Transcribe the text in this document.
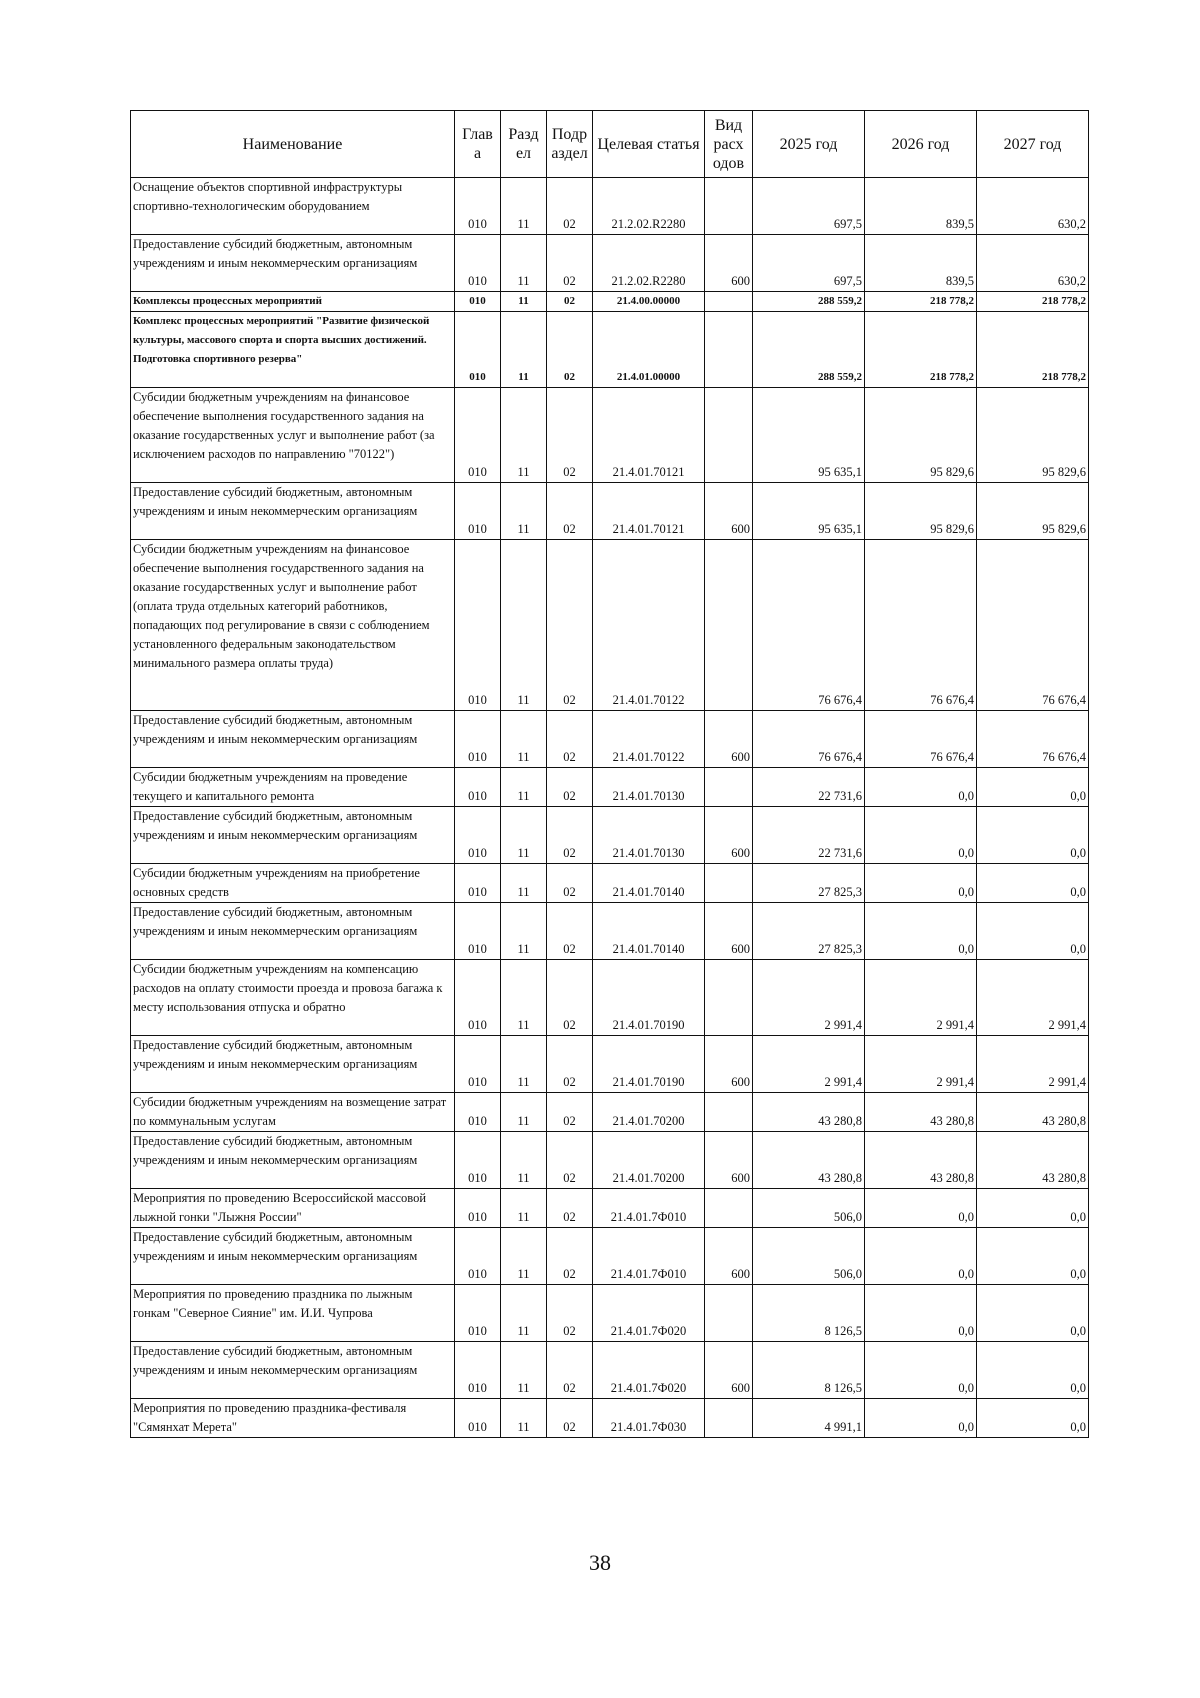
Наименование	Глав а	Разд ел	Подр аздел	Целевая статья	Вид расх одов	2025 год	2026 год	2027 год
Оснащение объектов спортивной инфраструктуры спортивно-технологическим оборудованием	010	11	02	21.2.02.R2280		697,5	839,5	630,2
Предоставление субсидий бюджетным, автономным учреждениям и иным некоммерческим организациям	010	11	02	21.2.02.R2280	600	697,5	839,5	630,2
Комплексы процессных мероприятий	010	11	02	21.4.00.00000		288 559,2	218 778,2	218 778,2
Комплекс процессных мероприятий "Развитие физической культуры, массового спорта и спорта высших достижений. Подготовка спортивного резерва"	010	11	02	21.4.01.00000		288 559,2	218 778,2	218 778,2
Субсидии бюджетным учреждениям на финансовое обеспечение выполнения государственного задания на оказание государственных услуг и выполнение работ (за исключением расходов по направлению "70122")	010	11	02	21.4.01.70121		95 635,1	95 829,6	95 829,6
Предоставление субсидий бюджетным, автономным учреждениям и иным некоммерческим организациям	010	11	02	21.4.01.70121	600	95 635,1	95 829,6	95 829,6
Субсидии бюджетным учреждениям на финансовое обеспечение выполнения государственного задания на оказание государственных услуг и выполнение работ (оплата труда отдельных категорий работников, попадающих под регулирование в связи с соблюдением установленного федеральным законодательством минимального размера оплаты труда)	010	11	02	21.4.01.70122		76 676,4	76 676,4	76 676,4
Предоставление субсидий бюджетным, автономным учреждениям и иным некоммерческим организациям	010	11	02	21.4.01.70122	600	76 676,4	76 676,4	76 676,4
Субсидии бюджетным учреждениям на проведение текущего и капитального ремонта	010	11	02	21.4.01.70130		22 731,6	0,0	0,0
Предоставление субсидий бюджетным, автономным учреждениям и иным некоммерческим организациям	010	11	02	21.4.01.70130	600	22 731,6	0,0	0,0
Субсидии бюджетным учреждениям на приобретение основных средств	010	11	02	21.4.01.70140		27 825,3	0,0	0,0
Предоставление субсидий бюджетным, автономным учреждениям и иным некоммерческим организациям	010	11	02	21.4.01.70140	600	27 825,3	0,0	0,0
Субсидии бюджетным учреждениям на компенсацию расходов на оплату стоимости проезда и провоза багажа к месту использования отпуска и обратно	010	11	02	21.4.01.70190		2 991,4	2 991,4	2 991,4
Предоставление субсидий бюджетным, автономным учреждениям и иным некоммерческим организациям	010	11	02	21.4.01.70190	600	2 991,4	2 991,4	2 991,4
Субсидии бюджетным учреждениям на возмещение затрат по коммунальным услугам	010	11	02	21.4.01.70200		43 280,8	43 280,8	43 280,8
Предоставление субсидий бюджетным, автономным учреждениям и иным некоммерческим организациям	010	11	02	21.4.01.70200	600	43 280,8	43 280,8	43 280,8
Мероприятия по проведению Всероссийской массовой лыжной гонки "Лыжня России"	010	11	02	21.4.01.7Ф010		506,0	0,0	0,0
Предоставление субсидий бюджетным, автономным учреждениям и иным некоммерческим организациям	010	11	02	21.4.01.7Ф010	600	506,0	0,0	0,0
Мероприятия по проведению праздника по лыжным гонкам "Северное Сияние" им. И.И. Чупрова	010	11	02	21.4.01.7Ф020		8 126,5	0,0	0,0
Предоставление субсидий бюджетным, автономным учреждениям и иным некоммерческим организациям	010	11	02	21.4.01.7Ф020	600	8 126,5	0,0	0,0
Мероприятия по проведению праздника-фестиваля "Сямянхат Мерета"	010	11	02	21.4.01.7Ф030		4 991,1	0,0	0,0
38
